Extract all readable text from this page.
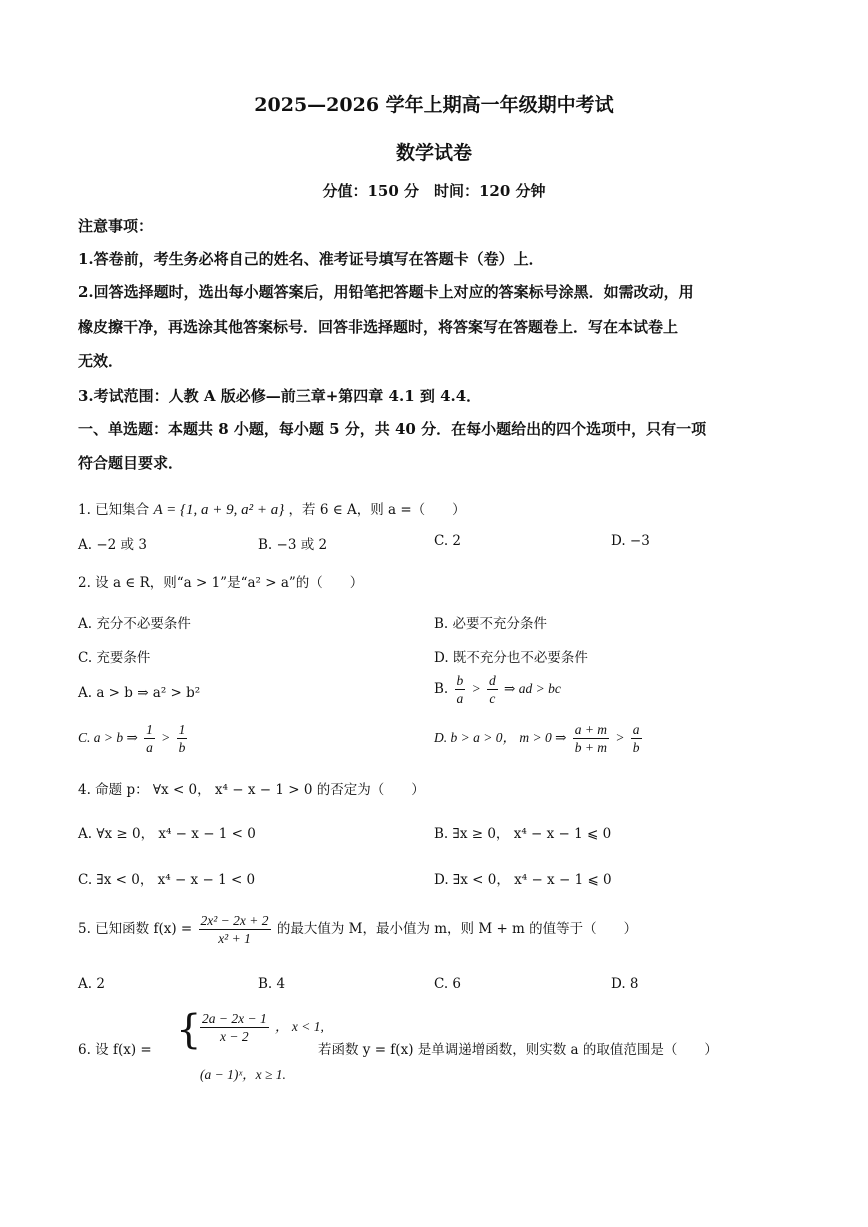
2025—2026 学年上期高一年级期中考试
数学试卷
分值：150 分　时间：120 分钟
注意事项：
1.答卷前，考生务必将自己的姓名、准考证号填写在答题卡（卷）上．
2.回答选择题时，选出每小题答案后，用铅笔把答题卡上对应的答案标号涂黑．如需改动，用
橡皮擦干净，再选涂其他答案标号．回答非选择题时，将答案写在答题卷上．写在本试卷上
无效．
3.考试范围：人教 A 版必修—前三章+第四章 4.1 到 4.4．
一、单选题：本题共 8 小题，每小题 5 分，共 40 分．在每小题给出的四个选项中，只有一项
符合题目要求．
1. 已知集合 A = {1, a + 9, a² + a} ，若 6 ∈ A，则 a =（　　）
A. −2 或 3	B. −3 或 2	C. 2	D. −3
2. 设 a ∈ R，则“a > 1”是“a² > a”的（　　）
A. 充分不必要条件	B. 必要不充分条件
C. 充要条件	D. 既不充分也不必要条件
A. a > b ⇒ a² > b²	B. $\frac{b}{a} > \frac{d}{c}$ ⇒ ad > bc
C. a > b ⇒ $\frac{1}{a} > \frac{1}{b}$	D. b > a > 0， m > 0 ⇒ $\frac{a + m}{b + m} > \frac{a}{b}$
4. 命题 p： ∀x < 0， x⁴ − x − 1 > 0 的否定为（　　）
A. ∀x ≥ 0， x⁴ − x − 1 < 0	B. ∃x ≥ 0， x⁴ − x − 1 ⩽ 0
C. ∃x < 0， x⁴ − x − 1 < 0	D. ∃x < 0， x⁴ − x − 1 ⩽ 0
5. 已知函数 $f(x) = \frac{\text{2x² − 2x + 2}}{\text{x² + 1}}$ 的最大值为 M，最小值为 m，则 M + m 的值等于（　　）
A. 2	B. 4	C. 6	D. 8
6. 设 f(x) = {
$\frac{2a - 2x - 1}{x - 2}$ ， x < 1,
(a − 1)ˣ，x ≥ 1.
若函数 y = f(x) 是单调递增函数，则实数 a 的取值范围是（　　）
